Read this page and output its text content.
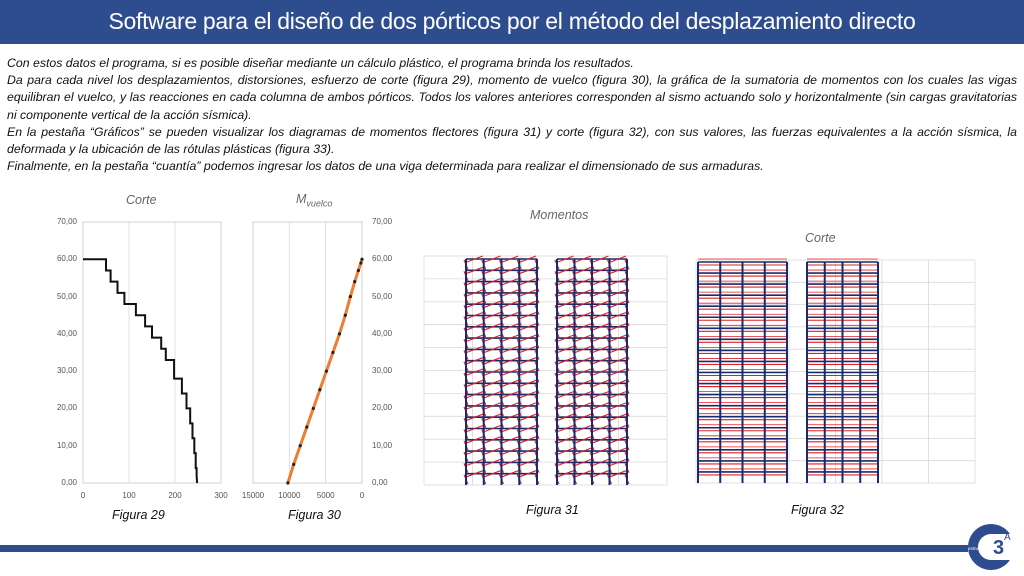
Software para el diseño de dos pórticos por el método del desplazamiento directo

Con estos datos el programa, si es posible diseñar mediante un cálculo plástico, el programa brinda los resultados.

Da para cada nivel los desplazamientos, distorsiones, esfuerzo de corte (figura 29), momento de vuelco (figura 30), la gráfica de la sumatoria de momentos con los cuales las vigas equilibran el vuelco, y las reacciones en cada columna de ambos pórticos. Todos los valores anteriores corresponden al sismo actuando solo y horizontalmente (sin cargas gravitatorias ni componente vertical de la acción sísmica).

En la pestaña “Gráficos” se pueden visualizar los diagramas de momentos flectores (figura 31) y corte (figura 32), con sus valores, las fuerzas equivalentes a la acción sísmica, la deformada y la ubicación de las rótulas plásticas (figura 33).

Finalmente, en la pestaña “cuantía” podemos ingresar los datos de una viga determinada para realizar el dimensionado de sus armaduras.

Corte
0	100	200	300
0,00
10,00
20,00
30,00
40,00
50,00
60,00
70,00
Figura 29
$M_{vuelco}$
15000	10000	5000	0
0,00
10,00
20,00
30,00
40,00
50,00
60,00
70,00
Figura 30
Momentos
Figura 31
Corte
Figura 32
3 A
estructuras
